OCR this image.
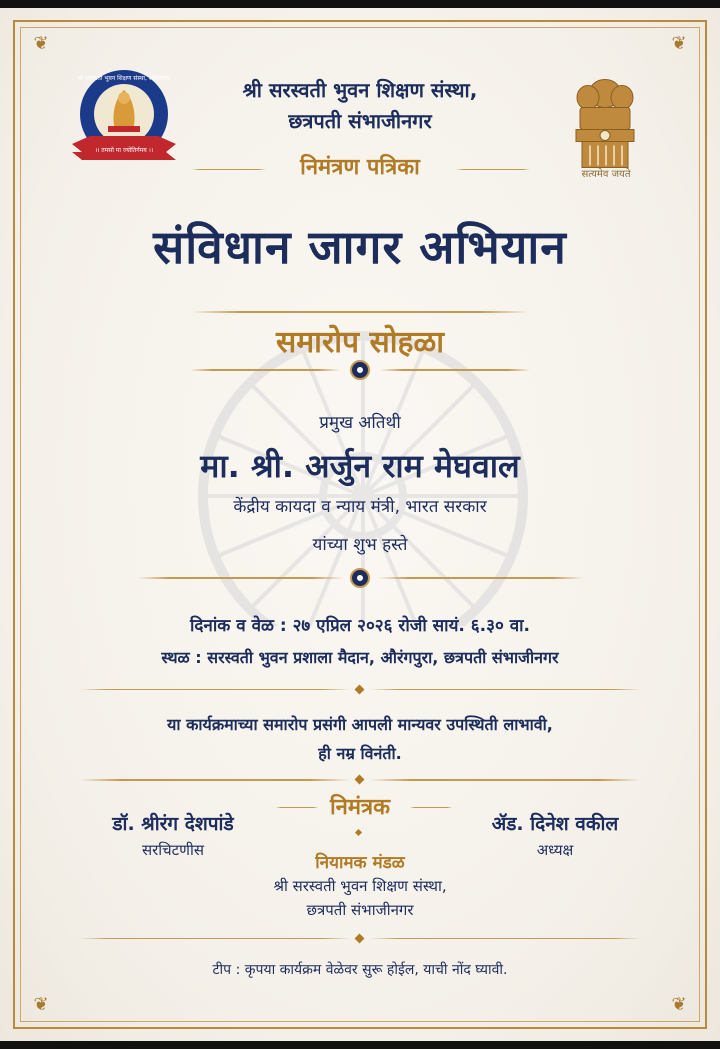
❦	❦
❦	❦
।। तमसो मा ज्योतिर्गमय ।।
श्री सरस्वती भुवन शिक्षण संस्था, औरंगाबाद
सत्यमेव जयते
श्री सरस्वती भुवन शिक्षण संस्था,
छत्रपती संभाजीनगर
निमंत्रण पत्रिका
संविधान जागर अभियान
समारोप सोहळा
प्रमुख अतिथी
मा. श्री. अर्जुन राम मेघवाल
केंद्रीय कायदा व न्याय मंत्री, भारत सरकार
यांच्या शुभ हस्ते
दिनांक व वेळ : २७ एप्रिल २०२६ रोजी सायं. ६.३० वा.
स्थळ : सरस्वती भुवन प्रशाला मैदान, औरंगपुरा, छत्रपती संभाजीनगर
या कार्यक्रमाच्या समारोप प्रसंगी आपली मान्यवर उपस्थिती लाभावी,
ही नम्र विनंती.
निमंत्रक
डॉ. श्रीरंग देशपांडे
सरचिटणीस
ॲड. दिनेश वकील
अध्यक्ष
नियामक मंडळ
श्री सरस्वती भुवन शिक्षण संस्था,
छत्रपती संभाजीनगर
टीप : कृपया कार्यक्रम वेळेवर सुरू होईल, याची नोंद घ्यावी.
